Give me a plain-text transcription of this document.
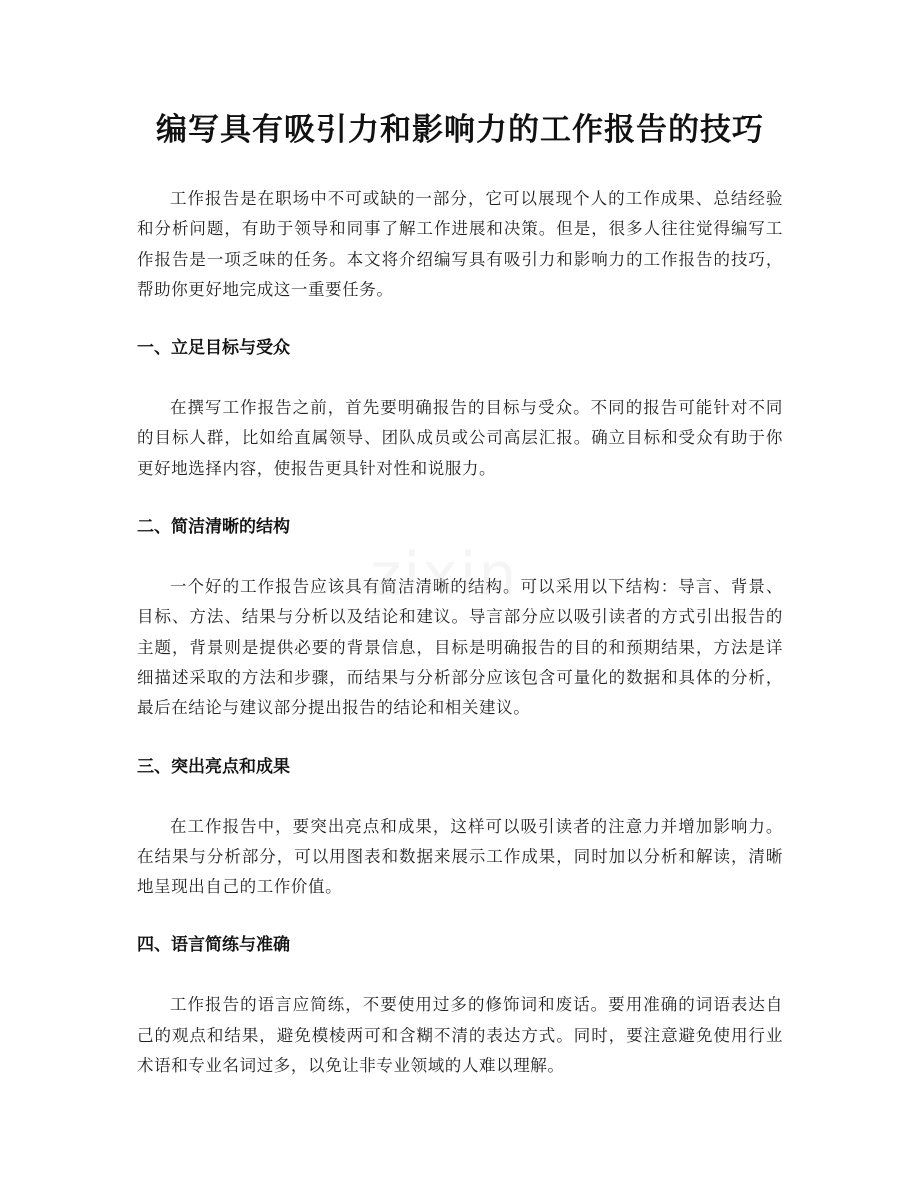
编写具有吸引力和影响力的工作报告的技巧

工作报告是在职场中不可或缺的一部分，它可以展现个人的工作成果、总结经验和分析问题，有助于领导和同事了解工作进展和决策。但是，很多人往往觉得编写工作报告是一项乏味的任务。本文将介绍编写具有吸引力和影响力的工作报告的技巧，帮助你更好地完成这一重要任务。

一、立足目标与受众

在撰写工作报告之前，首先要明确报告的目标与受众。不同的报告可能针对不同的目标人群，比如给直属领导、团队成员或公司高层汇报。确立目标和受众有助于你更好地选择内容，使报告更具针对性和说服力。

二、简洁清晰的结构

一个好的工作报告应该具有简洁清晰的结构。可以采用以下结构：导言、背景、目标、方法、结果与分析以及结论和建议。导言部分应以吸引读者的方式引出报告的主题，背景则是提供必要的背景信息，目标是明确报告的目的和预期结果，方法是详细描述采取的方法和步骤，而结果与分析部分应该包含可量化的数据和具体的分析，最后在结论与建议部分提出报告的结论和相关建议。

三、突出亮点和成果

在工作报告中，要突出亮点和成果，这样可以吸引读者的注意力并增加影响力。在结果与分析部分，可以用图表和数据来展示工作成果，同时加以分析和解读，清晰地呈现出自己的工作价值。

四、语言简练与准确

工作报告的语言应简练，不要使用过多的修饰词和废话。要用准确的词语表达自己的观点和结果，避免模棱两可和含糊不清的表达方式。同时，要注意避免使用行业术语和专业名词过多，以免让非专业领域的人难以理解。

zixin
